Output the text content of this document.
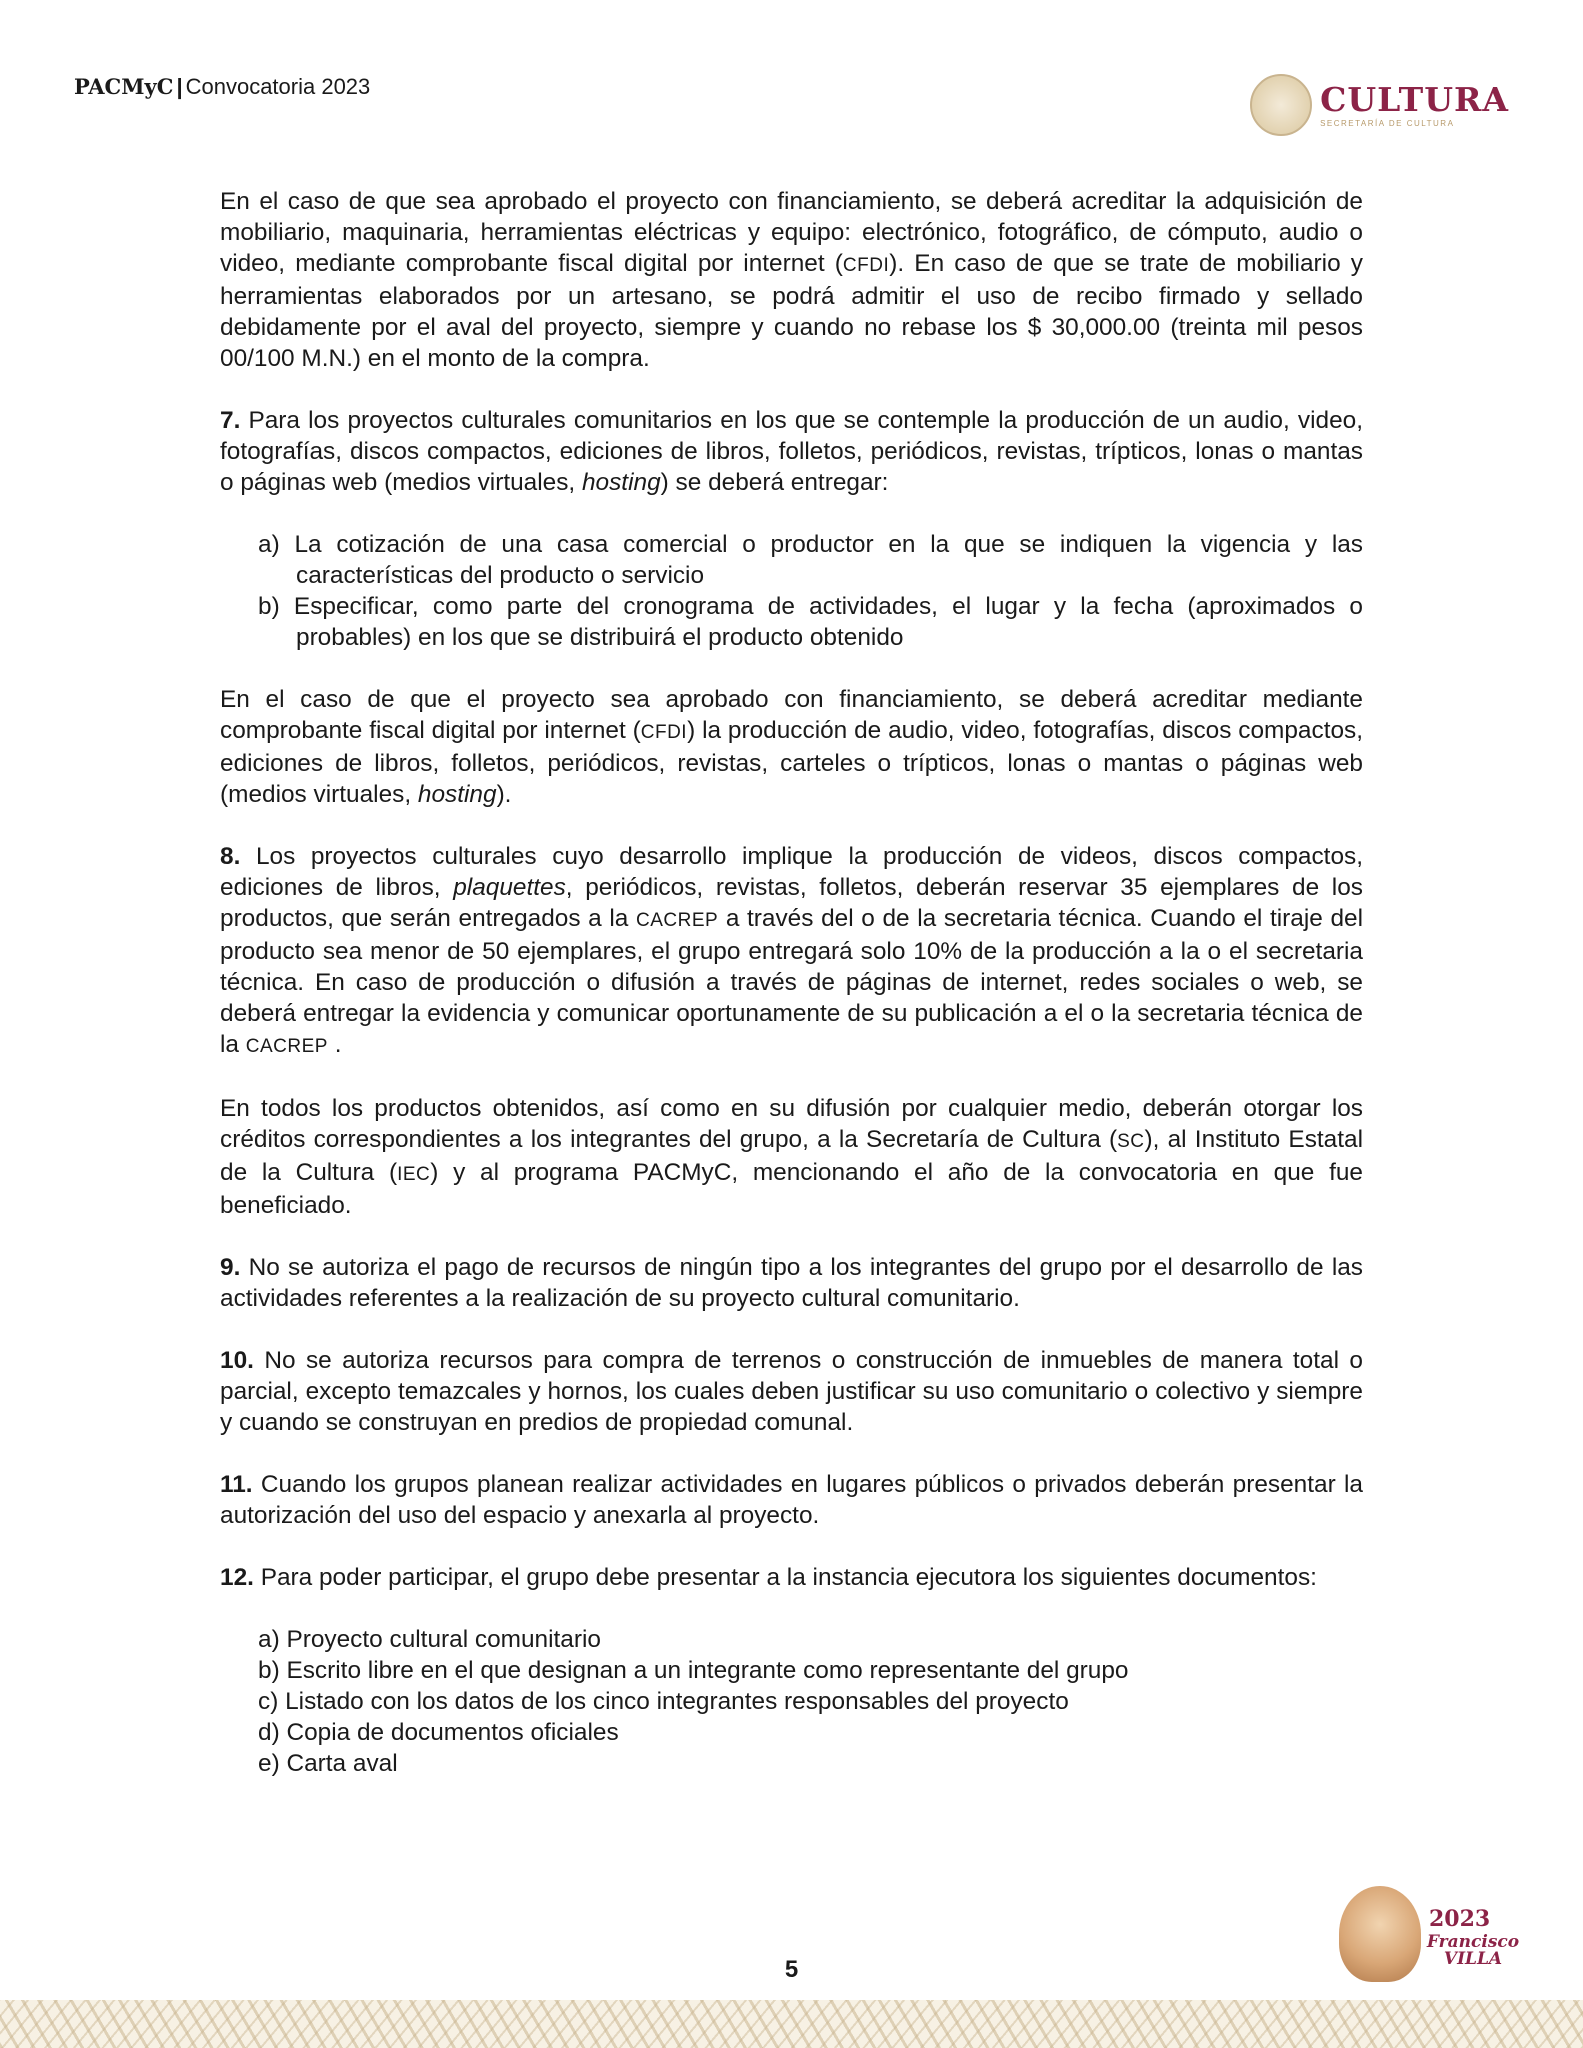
PACMyC | Convocatoria 2023	CULTURA
SECRETARÍA DE CULTURA

En el caso de que sea aprobado el proyecto con financiamiento, se deberá acreditar la adquisición de mobiliario, maquinaria, herramientas eléctricas y equipo: electrónico, fotográfico, de cómputo, audio o video, mediante comprobante fiscal digital por internet (CFDI). En caso de que se trate de mobiliario y herramientas elaborados por un artesano, se podrá admitir el uso de recibo firmado y sellado debidamente por el aval del proyecto, siempre y cuando no rebase los $ 30,000.00 (treinta mil pesos 00/100 M.N.) en el monto de la compra.

7. Para los proyectos culturales comunitarios en los que se contemple la producción de un audio, video, fotografías, discos compactos, ediciones de libros, folletos, periódicos, revistas, trípticos, lonas o mantas o páginas web (medios virtuales, hosting) se deberá entregar:

a) La cotización de una casa comercial o productor en la que se indiquen la vigencia y las características del producto o servicio
b) Especificar, como parte del cronograma de actividades, el lugar y la fecha (aproximados o probables) en los que se distribuirá el producto obtenido

En el caso de que el proyecto sea aprobado con financiamiento, se deberá acreditar mediante comprobante fiscal digital por internet (CFDI) la producción de audio, video, fotografías, discos compactos, ediciones de libros, folletos, periódicos, revistas, carteles o trípticos, lonas o mantas o páginas web (medios virtuales, hosting).

8. Los proyectos culturales cuyo desarrollo implique la producción de videos, discos compactos, ediciones de libros, plaquettes, periódicos, revistas, folletos, deberán reservar 35 ejemplares de los productos, que serán entregados a la CACREP a través del o de la secretaria técnica. Cuando el tiraje del producto sea menor de 50 ejemplares, el grupo entregará solo 10% de la producción a la o el secretaria técnica. En caso de producción o difusión a través de páginas de internet, redes sociales o web, se deberá entregar la evidencia y comunicar oportunamente de su publicación a el o la secretaria técnica de la CACREP .

En todos los productos obtenidos, así como en su difusión por cualquier medio, deberán otorgar los créditos correspondientes a los integrantes del grupo, a la Secretaría de Cultura (SC), al Instituto Estatal de la Cultura (IEC) y al programa PACMyC, mencionando el año de la convocatoria en que fue beneficiado.

9. No se autoriza el pago de recursos de ningún tipo a los integrantes del grupo por el desarrollo de las actividades referentes a la realización de su proyecto cultural comunitario.

10. No se autoriza recursos para compra de terrenos o construcción de inmuebles de manera total o parcial, excepto temazcales y hornos, los cuales deben justificar su uso comunitario o colectivo y siempre y cuando se construyan en predios de propiedad comunal.

11. Cuando los grupos planean realizar actividades en lugares públicos o privados deberán presentar la autorización del uso del espacio y anexarla al proyecto.

12. Para poder participar, el grupo debe presentar a la instancia ejecutora los siguientes documentos:

a) Proyecto cultural comunitario
b) Escrito libre en el que designan a un integrante como representante del grupo
c) Listado con los datos de los cinco integrantes responsables del proyecto
d) Copia de documentos oficiales
e) Carta aval
5
2023
Francisco VILLA
